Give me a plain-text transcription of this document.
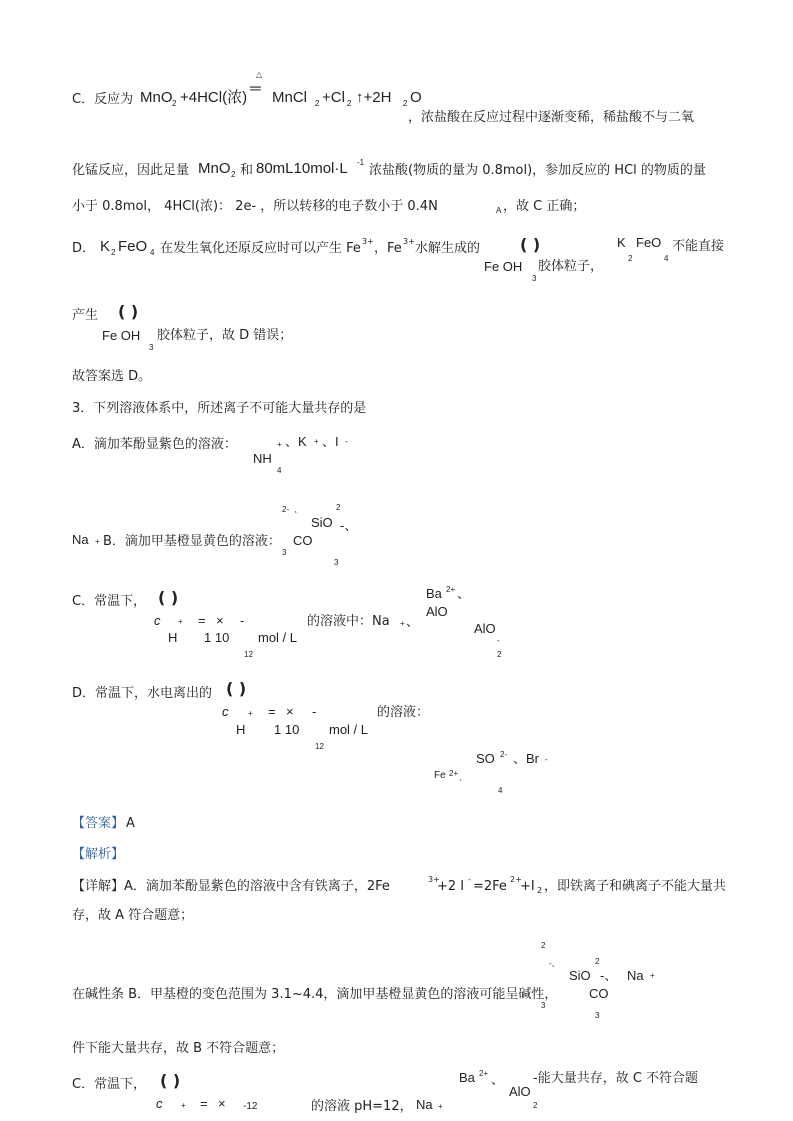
C．反应为 MnO 2 +4HCl(浓)
△
═
MnCl 2 +Cl 2 ↑+2H 2 O
，浓盐酸在反应过程中逐渐变稀，稀盐酸不与二氧
化锰反应，因此足量 MnO 2 和 80mL10mol·L -1
浓盐酸(物质的量为 0.8mol)，参加反应的 HCl 的物质的量
小于 0.8mol， 4HCl(浓)： 2e- ，所以转移的电子数小于 0.4N	A ，故 C 正确；
D． K 2 FeO 4 在发生氧化还原反应时可以产生 Fe 3+ ，Fe 3+ 水解生成的 ( )
Fe OH
3
胶体粒子，
K
2
FeO
4
不能直接
产生 ( )
Fe OH
3
胶体粒子，故 D 错误；
故答案选 D。
3．下列溶液体系中，所述离子不可能大量共存的是
A．滴加苯酚显紫色的溶液：
NH
+
4
、K + 、I -
Na + B．滴加甲基橙显黄色的溶液：
2- 、
CO
3
3
SiO
2
-、
C．常温下， ( )
c + = × -
H 1 10 mol / L
12
的溶液中：Na + 、
Ba 2+ 、
AlO
AlO
-
2
D．常温下，水电离出的 ( )
c + = × -
H 1 10 mol / L
12
的溶液：
SO 2-
4
、Br -
Fe 2+ 、
【答案】 A
【解析】
【详解】A．滴加苯酚显紫色的溶液中含有铁离子，2Fe	3+
+2 I - =2Fe 2+
+I 2 ，即铁离子和碘离子不能大量共
存，故 A 符合题意；
2
-、
SiO
2
-、 Na +
在碱性条 B．甲基橙的变色范围为 3.1~4.4，滴加甲基橙显黄色的溶液可能呈碱性， CO
3
3
件下能大量共存，故 B 不符合题意；
C．常温下， ( )
c + = × -12	的溶液 pH=12， Na +
Ba 2+ 、
AlO
2
-能大量共存，故 C 不符合题
